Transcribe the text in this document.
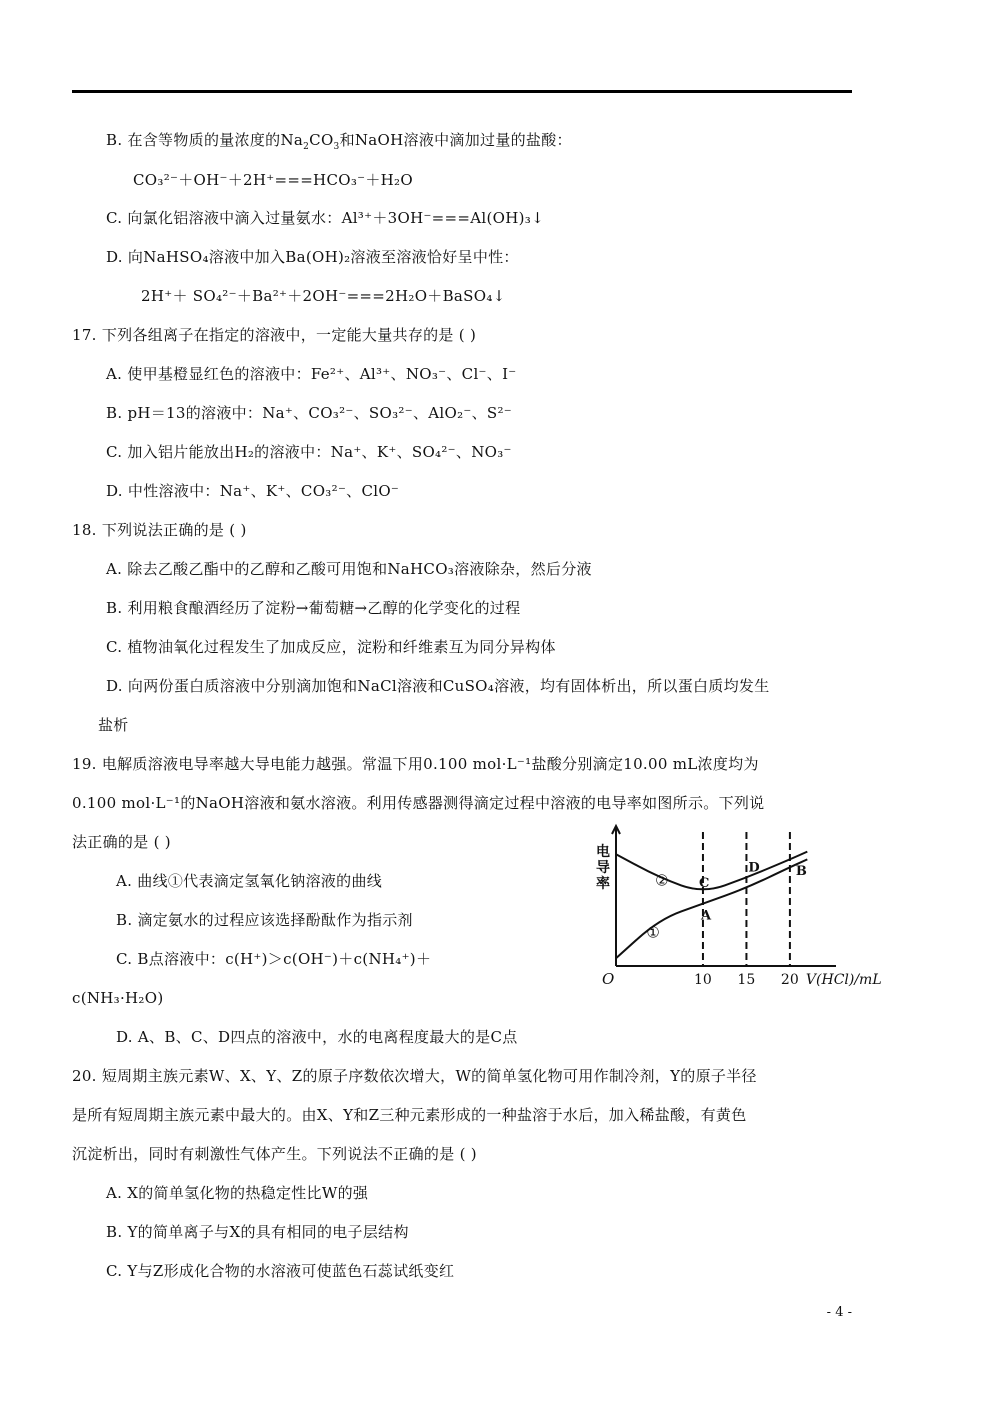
B. 在含等物质的量浓度的$Na_2CO_3$和NaOH溶液中滴加过量的盐酸：
CO₃²⁻＋OH⁻＋2H⁺===HCO₃⁻＋H₂O
C. 向氯化铝溶液中滴入过量氨水：Al³⁺＋3OH⁻===Al(OH)₃↓
D. 向NaHSO₄溶液中加入Ba(OH)₂溶液至溶液恰好呈中性：
2H⁺＋ SO₄²⁻＋Ba²⁺＋2OH⁻===2H₂O＋BaSO₄↓
17. 下列各组离子在指定的溶液中，一定能大量共存的是 ( )
A. 使甲基橙显红色的溶液中：Fe²⁺、Al³⁺、NO₃⁻、Cl⁻、I⁻
B. pH＝13的溶液中：Na⁺、CO₃²⁻、SO₃²⁻、AlO₂⁻、S²⁻
C. 加入铝片能放出H₂的溶液中：Na⁺、K⁺、SO₄²⁻、NO₃⁻
D. 中性溶液中：Na⁺、K⁺、CO₃²⁻、ClO⁻
18. 下列说法正确的是 ( )
A. 除去乙酸乙酯中的乙醇和乙酸可用饱和NaHCO₃溶液除杂，然后分液
B. 利用粮食酿酒经历了淀粉→葡萄糖→乙醇的化学变化的过程
C. 植物油氧化过程发生了加成反应，淀粉和纤维素互为同分异构体
D. 向两份蛋白质溶液中分别滴加饱和NaCl溶液和CuSO₄溶液，均有固体析出，所以蛋白质均发生
盐析
19. 电解质溶液电导率越大导电能力越强。常温下用0.100 mol·L⁻¹盐酸分别滴定10.00 mL浓度均为
0.100 mol·L⁻¹的NaOH溶液和氨水溶液。利用传感器测得滴定过程中溶液的电导率如图所示。下列说
法正确的是 ( )
A. 曲线①代表滴定氢氧化钠溶液的曲线
B. 滴定氨水的过程应该选择酚酞作为指示剂
C. B点溶液中：c(H⁺)＞c(OH⁻)＋c(NH₄⁺)＋
c(NH₃·H₂O)
D. A、B、C、D四点的溶液中，水的电离程度最大的是C点
20. 短周期主族元素W、X、Y、Z的原子序数依次增大，W的简单氢化物可用作制冷剂，Y的原子半径
是所有短周期主族元素中最大的。由X、Y和Z三种元素形成的一种盐溶于水后，加入稀盐酸，有黄色
沉淀析出，同时有刺激性气体产生。下列说法不正确的是 ( )
A. X的简单氢化物的热稳定性比W的强
B. Y的简单离子与X的具有相同的电子层结构
C. Y与Z形成化合物的水溶液可使蓝色石蕊试纸变红
- 4 -
电
导
率	②
①
A
C
D	B
O	10 15 20 V(HCl)/mL
